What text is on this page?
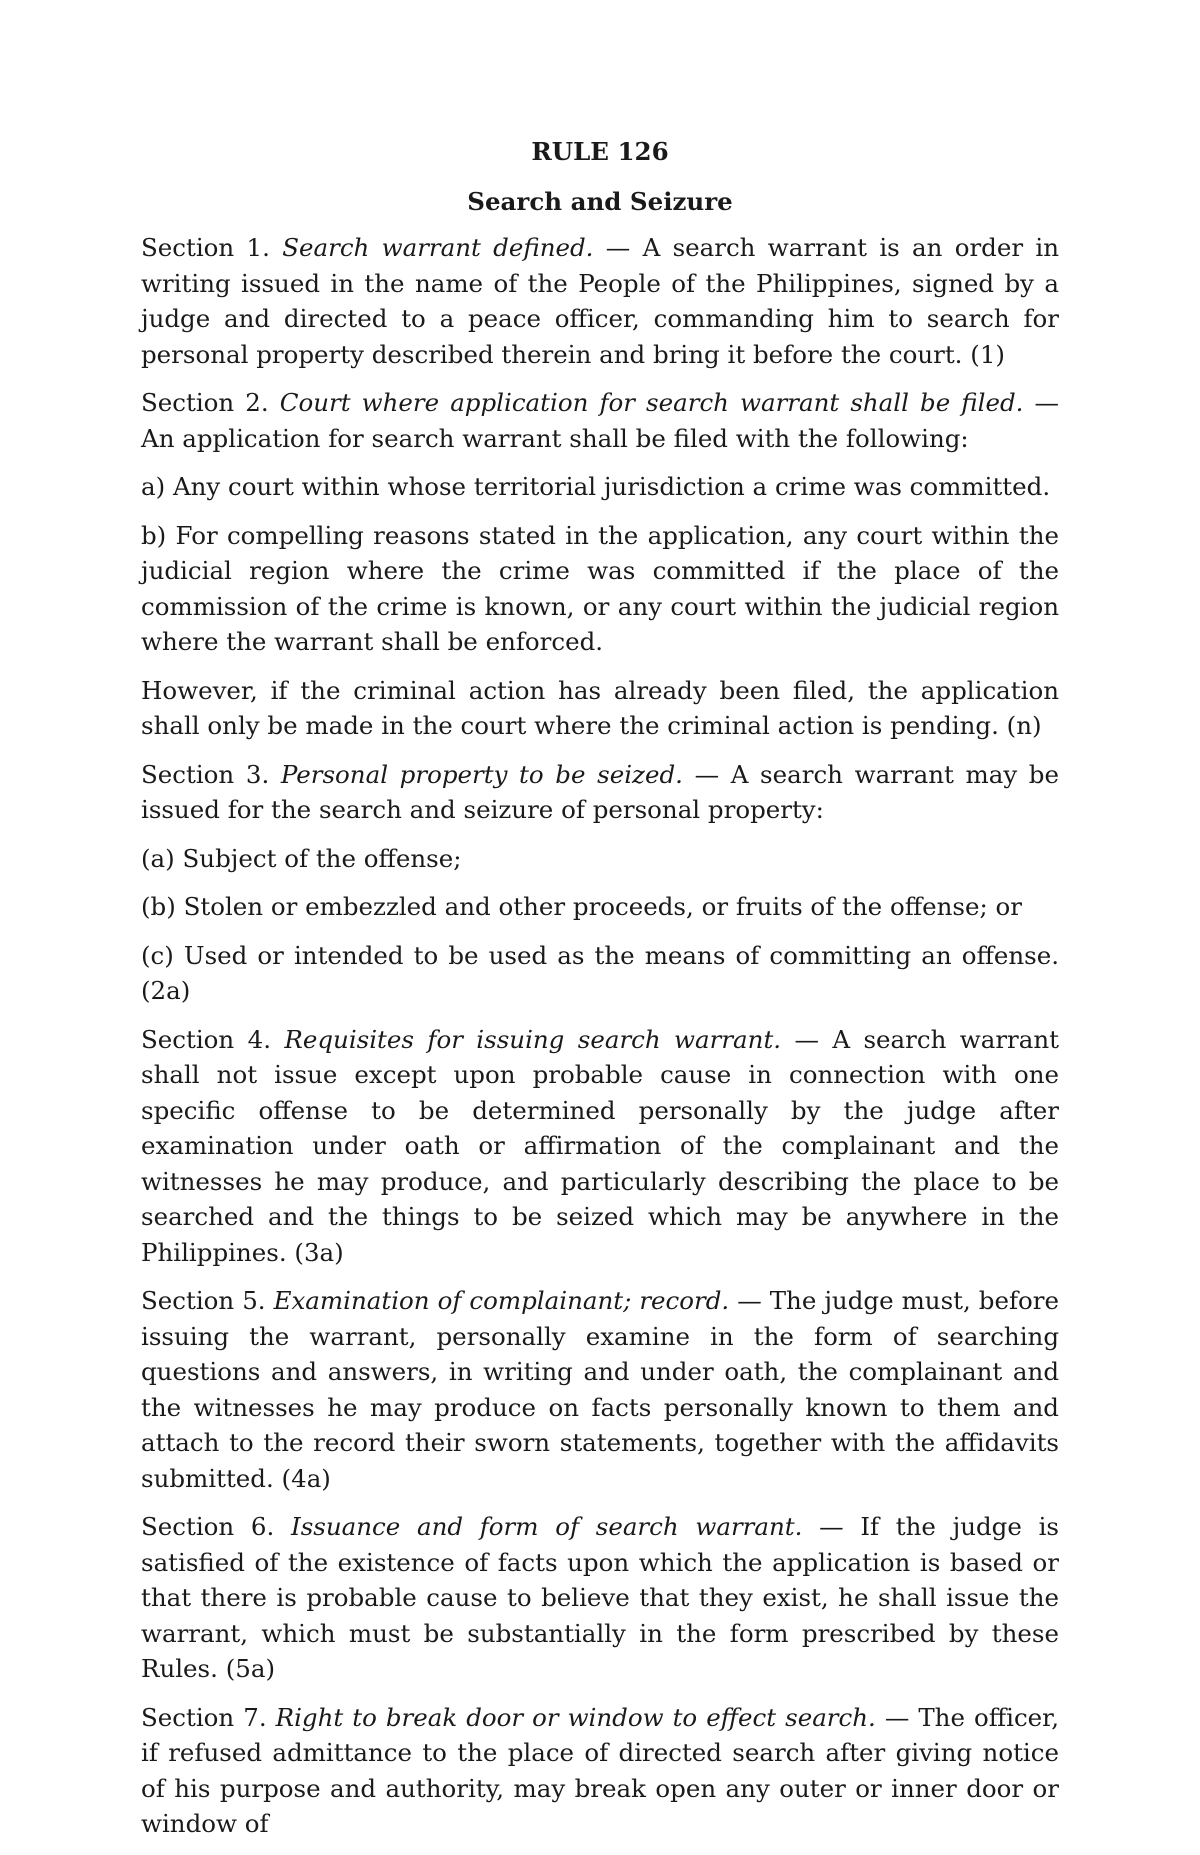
RULE 126
Search and Seizure

Section 1. Search warrant defined. — A search warrant is an order in writing issued in the name of the People of the Philippines, signed by a judge and directed to a peace officer, commanding him to search for personal property described therein and bring it before the court. (1)

Section 2. Court where application for search warrant shall be filed. — An application for search warrant shall be filed with the following:

a) Any court within whose territorial jurisdiction a crime was committed.

b) For compelling reasons stated in the application, any court within the judicial region where the crime was committed if the place of the commission of the crime is known, or any court within the judicial region where the warrant shall be enforced.

However, if the criminal action has already been filed, the application shall only be made in the court where the criminal action is pending. (n)

Section 3. Personal property to be seized. — A search warrant may be issued for the search and seizure of personal property:

(a) Subject of the offense;

(b) Stolen or embezzled and other proceeds, or fruits of the offense; or

(c) Used or intended to be used as the means of committing an offense. (2a)

Section 4. Requisites for issuing search warrant. — A search warrant shall not issue except upon probable cause in connection with one specific offense to be determined personally by the judge after examination under oath or affirmation of the complainant and the witnesses he may produce, and particularly describing the place to be searched and the things to be seized which may be anywhere in the Philippines. (3a)

Section 5. Examination of complainant; record. — The judge must, before issuing the warrant, personally examine in the form of searching questions and answers, in writing and under oath, the complainant and the witnesses he may produce on facts personally known to them and attach to the record their sworn statements, together with the affidavits submitted. (4a)

Section 6. Issuance and form of search warrant. — If the judge is satisfied of the existence of facts upon which the application is based or that there is probable cause to believe that they exist, he shall issue the warrant, which must be substantially in the form prescribed by these Rules. (5a)

Section 7. Right to break door or window to effect search. — The officer, if refused admittance to the place of directed search after giving notice of his purpose and authority, may break open any outer or inner door or window of
